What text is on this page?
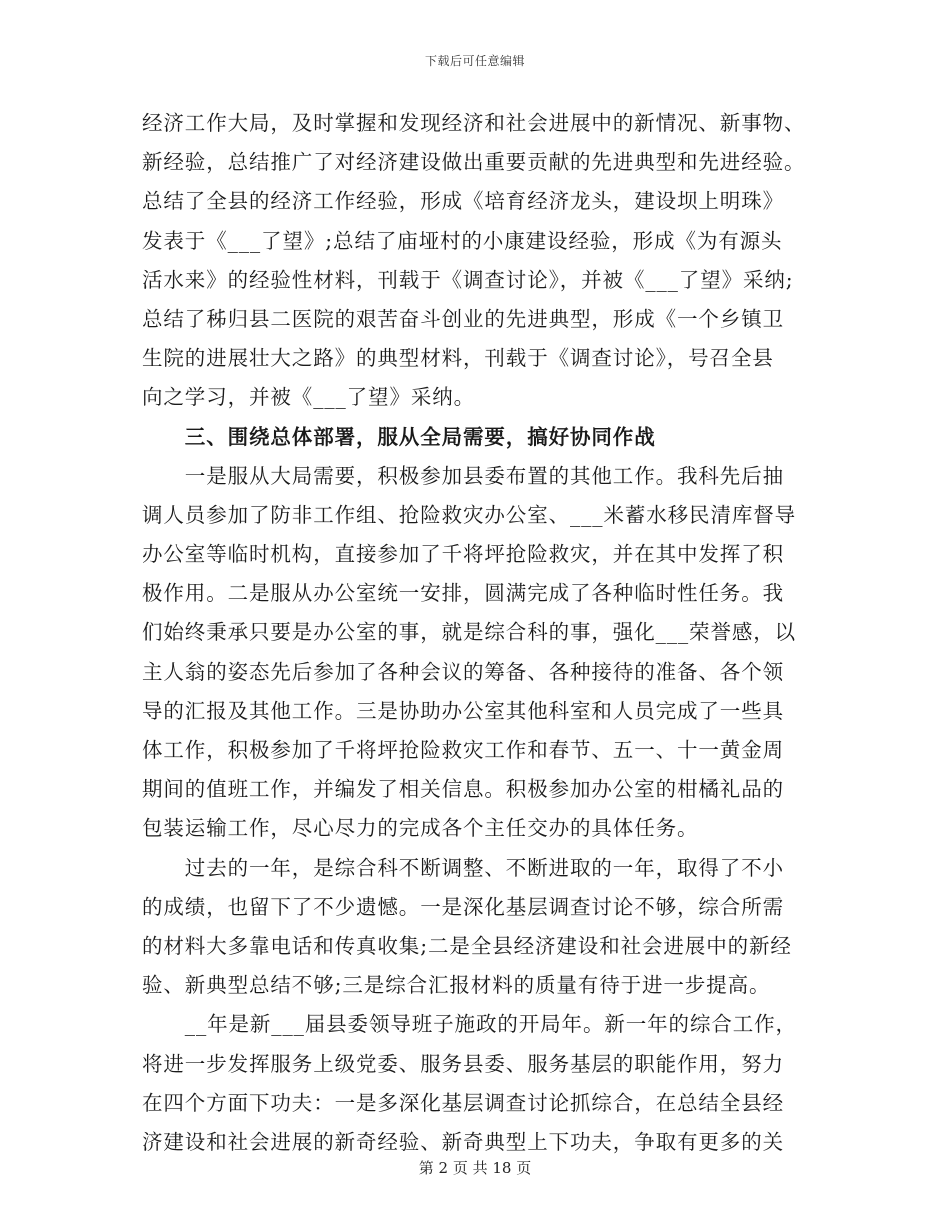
下载后可任意编辑
经济工作大局，及时掌握和发现经济和社会进展中的新情况、新事物、
新经验，总结推广了对经济建设做出重要贡献的先进典型和先进经验。
总结了全县的经济工作经验，形成《培育经济龙头，建设坝上明珠》
发表于《___了望》;总结了庙垭村的小康建设经验，形成《为有源头
活水来》的经验性材料，刊载于《调查讨论》，并被《___了望》采纳;
总结了秭归县二医院的艰苦奋斗创业的先进典型，形成《一个乡镇卫
生院的进展壮大之路》的典型材料，刊载于《调查讨论》，号召全县
向之学习，并被《___了望》采纳。
　　三、围绕总体部署，服从全局需要，搞好协同作战
　　一是服从大局需要，积极参加县委布置的其他工作。我科先后抽
调人员参加了防非工作组、抢险救灾办公室、___米蓄水移民清库督导
办公室等临时机构，直接参加了千将坪抢险救灾，并在其中发挥了积
极作用。二是服从办公室统一安排，圆满完成了各种临时性任务。我
们始终秉承只要是办公室的事，就是综合科的事，强化___荣誉感，以
主人翁的姿态先后参加了各种会议的筹备、各种接待的准备、各个领
导的汇报及其他工作。三是协助办公室其他科室和人员完成了一些具
体工作，积极参加了千将坪抢险救灾工作和春节、五一、十一黄金周
期间的值班工作，并编发了相关信息。积极参加办公室的柑橘礼品的
包装运输工作，尽心尽力的完成各个主任交办的具体任务。
　　过去的一年，是综合科不断调整、不断进取的一年，取得了不小
的成绩，也留下了不少遗憾。一是深化基层调查讨论不够，综合所需
的材料大多靠电话和传真收集;二是全县经济建设和社会进展中的新经
验、新典型总结不够;三是综合汇报材料的质量有待于进一步提高。
　　__年是新___届县委领导班子施政的开局年。新一年的综合工作，
将进一步发挥服务上级党委、服务县委、服务基层的职能作用，努力
在四个方面下功夫：一是多深化基层调查讨论抓综合，在总结全县经
济建设和社会进展的新奇经验、新奇典型上下功夫，争取有更多的关
第 2 页 共 18 页
